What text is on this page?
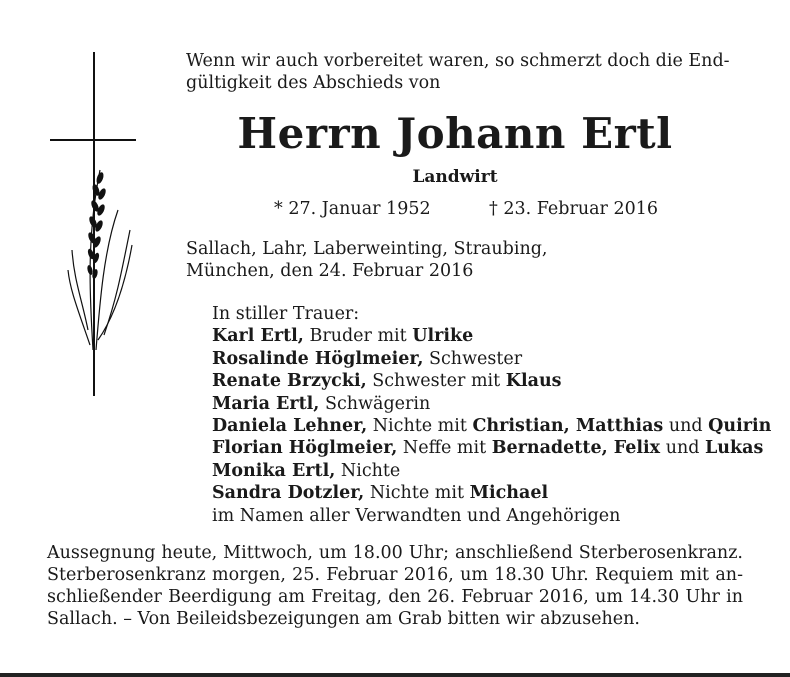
Wenn wir auch vorbereitet waren, so schmerzt doch die End-
gültigkeit des Abschieds von
Herrn Johann Ertl
Landwirt
* 27. Januar 1952	† 23. Februar 2016
Sallach, Lahr, Laberweinting, Straubing,
München, den 24. Februar 2016
In stiller Trauer:
Karl Ertl, Bruder mit Ulrike
Rosalinde Höglmeier, Schwester
Renate Brzycki, Schwester mit Klaus
Maria Ertl, Schwägerin
Daniela Lehner, Nichte mit Christian, Matthias und Quirin
Florian Höglmeier, Neffe mit Bernadette, Felix und Lukas
Monika Ertl, Nichte
Sandra Dotzler, Nichte mit Michael
im Namen aller Verwandten und Angehörigen
Aussegnung heute, Mittwoch, um 18.00 Uhr; anschließend Sterberosenkranz.
Sterberosenkranz morgen, 25. Februar 2016, um 18.30 Uhr. Requiem mit an-
schließender Beerdigung am Freitag, den 26. Februar 2016, um 14.30 Uhr in
Sallach. – Von Beileidsbezeigungen am Grab bitten wir abzusehen.
